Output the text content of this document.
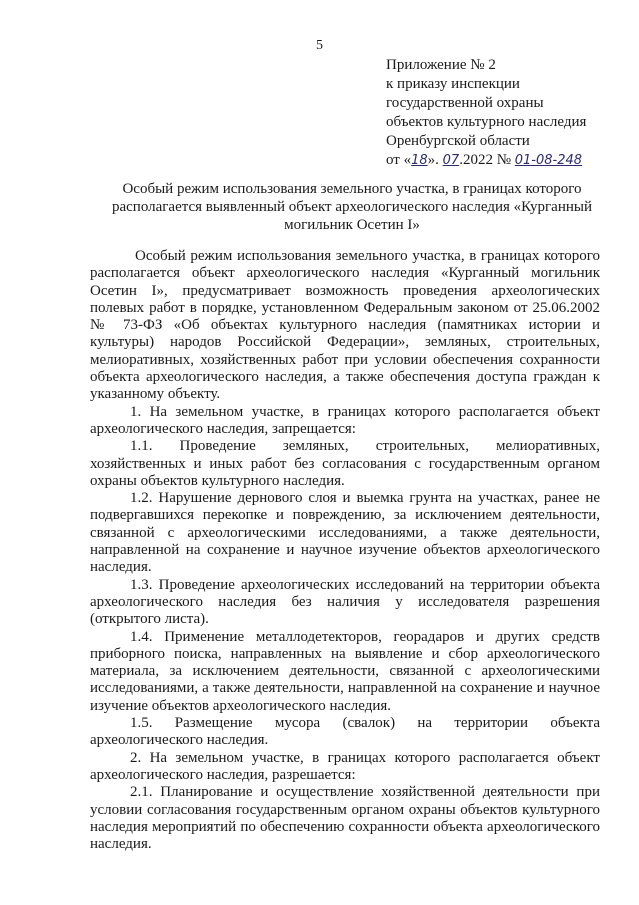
5
Приложение № 2
к приказу инспекции
государственной охраны
объектов культурного наследия
Оренбургской области
от «18». 07.2022 № 01-08-248
Особый режим использования земельного участка, в границах которого располагается выявленный объект археологического наследия «Курганный могильник Осетин I»

Особый режим использования земельного участка, в границах которого располагается объект археологического наследия «Курганный могильник Осетин I», предусматривает возможность проведения археологических полевых работ в порядке, установленном Федеральным законом от 25.06.2002 № 73-ФЗ «Об объектах культурного наследия (памятниках истории и культуры) народов Российской Федерации», земляных, строительных, мелиоративных, хозяйственных работ при условии обеспечения сохранности объекта археологического наследия, а также обеспечения доступа граждан к указанному объекту.

1. На земельном участке, в границах которого располагается объект археологического наследия, запрещается:

1.1. Проведение земляных, строительных, мелиоративных, хозяйственных и иных работ без согласования с государственным органом охраны объектов культурного наследия.

1.2. Нарушение дернового слоя и выемка грунта на участках, ранее не подвергавшихся перекопке и повреждению, за исключением деятельности, связанной с археологическими исследованиями, а также деятельности, направленной на сохранение и научное изучение объектов археологического наследия.

1.3. Проведение археологических исследований на территории объекта археологического наследия без наличия у исследователя разрешения (открытого листа).

1.4. Применение металлодетекторов, георадаров и других средств приборного поиска, направленных на выявление и сбор археологического материала, за исключением деятельности, связанной с археологическими исследованиями, а также деятельности, направленной на сохранение и научное изучение объектов археологического наследия.

1.5. Размещение мусора (свалок) на территории объекта археологического наследия.

2. На земельном участке, в границах которого располагается объект археологического наследия, разрешается:

2.1. Планирование и осуществление хозяйственной деятельности при условии согласования государственным органом охраны объектов культурного наследия мероприятий по обеспечению сохранности объекта археологического наследия.
